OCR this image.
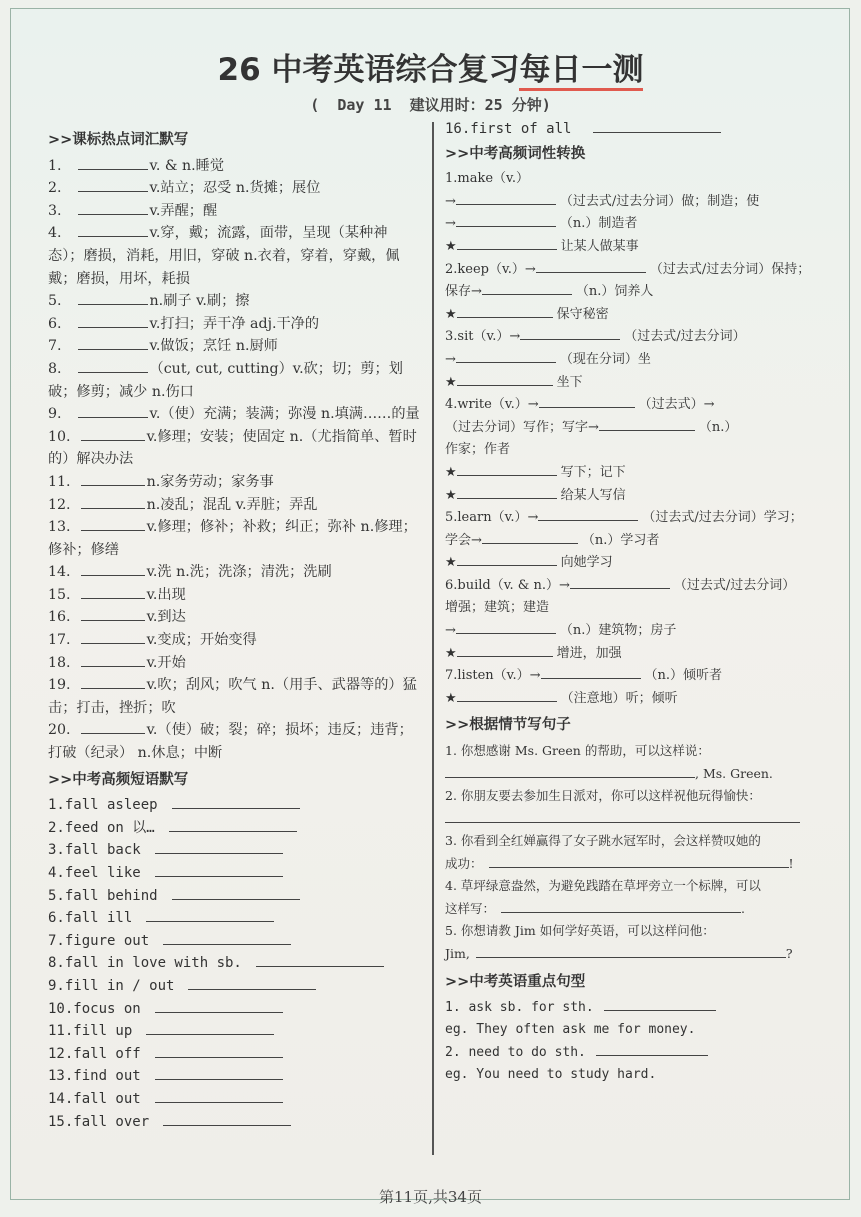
26 中考英语综合复习每日一测
(  Day 11  建议用时：25 分钟)
>>课标热点词汇默写
1.	v. & n.睡觉
2.	v.站立；忍受 n.货摊；展位
3.	v.弄醒；醒
4.	v.穿，戴；流露，面带，呈现（某种神态）；磨损，消耗，用旧，穿破 n.衣着，穿着，穿戴，佩戴；磨损，用坏，耗损
5.	n.刷子 v.刷；擦
6.	v.打扫；弄干净 adj.干净的
7.	v.做饭；烹饪 n.厨师
8.	（cut, cut, cutting）v.砍；切；剪；划破；修剪；减少 n.伤口
9.	v.（使）充满；装满；弥漫 n.填满……的量
10.	v.修理；安装；使固定 n.（尤指简单、暂时的）解决办法
11.	n.家务劳动；家务事
12.	n.凌乱；混乱 v.弄脏；弄乱
13.	v.修理；修补；补救；纠正；弥补 n.修理；修补；修缮
14.	v.洗 n.洗；洗涤；清洗；洗刷
15.	v.出现
16.	v.到达
17.	v.变成；开始变得
18.	v.开始
19.	v.吹；刮风；吹气 n.（用手、武器等的）猛击；打击，挫折；吹
20.	v.（使）破；裂；碎；损坏；违反；违背；打破（纪录） n.休息；中断
>>中考高频短语默写
1.fall asleep
2.feed on 以…
3.fall back
4.feel like
5.fall behind
6.fall ill
7.figure out
8.fall in love with sb.
9.fill in / out
10.focus on
11.fill up
12.fall off
13.find out
14.fall out
15.fall over
16.first of all
>>中考高频词性转换
1.make（v.）
→	（过去式/过去分词）做；制造；使
→	（n.）制造者
★	让某人做某事
2.keep（v.）→	（过去式/过去分词）保持；
保存→	（n.）饲养人
★	保守秘密
3.sit（v.）→	（过去式/过去分词）
→	（现在分词）坐
★	坐下
4.write（v.）→	（过去式）→
（过去分词）写作；写字→	（n.）
作家；作者
★	写下；记下
★	给某人写信
5.learn（v.）→	（过去式/过去分词）学习；
学会→	（n.）学习者
★	向她学习
6.build（v. & n.）→	（过去式/过去分词）
增强；建筑；建造
→	（n.）建筑物；房子
★	增进，加强
7.listen（v.）→	（n.）倾听者
★	（注意地）听；倾听
>>根据情节写句子
1. 你想感谢 Ms. Green 的帮助，可以这样说：
, Ms. Green.
2. 你朋友要去参加生日派对，你可以这样祝他玩得愉快：
3. 你看到全红婵赢得了女子跳水冠军时，会这样赞叹她的
成功：	!
4. 草坪绿意盎然，为避免践踏在草坪旁立一个标牌，可以
这样写：	.
5. 你想请教 Jim 如何学好英语，可以这样问他：
Jim,	?
>>中考英语重点句型
1. ask sb. for sth.
eg. They often ask me for money.
2. need to do sth.
eg. You need to study hard.
第11页,共34页
